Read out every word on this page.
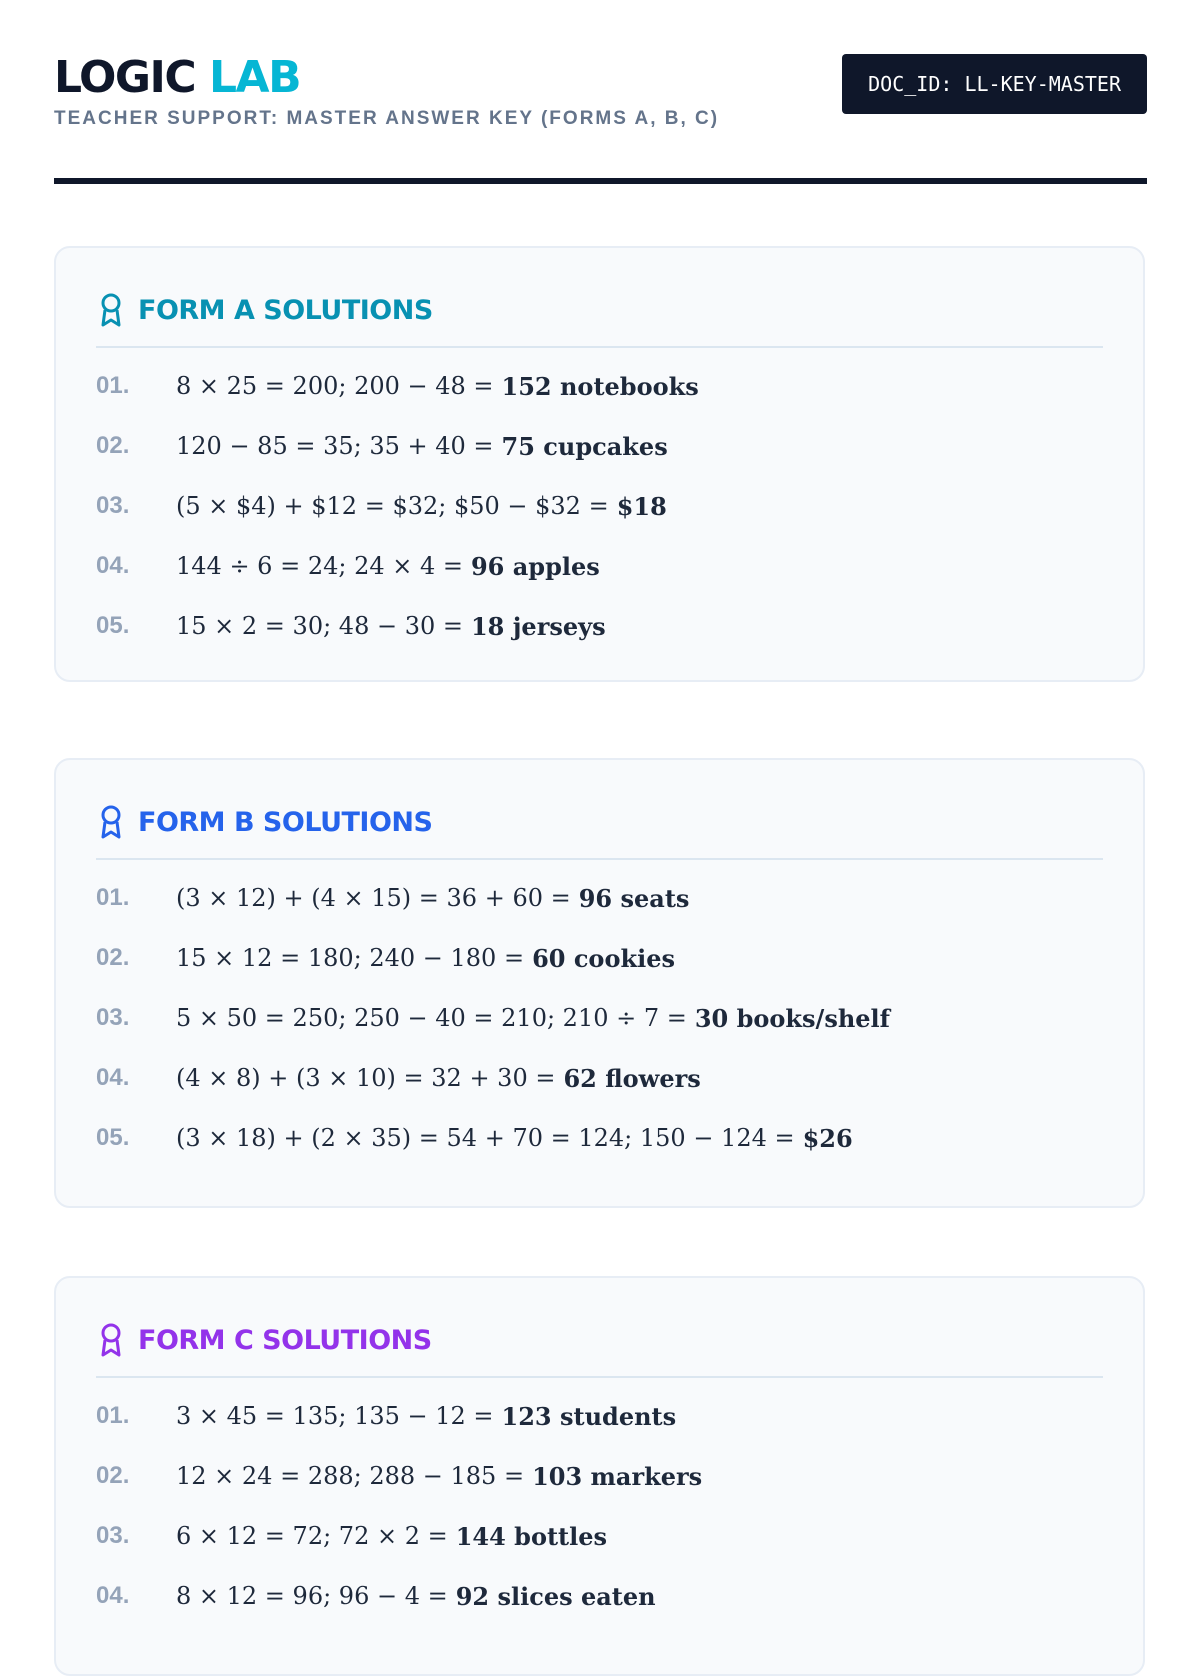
LOGIC LAB
TEACHER SUPPORT: MASTER ANSWER KEY (FORMS A, B, C)
DOC_ID: LL-KEY-MASTER
FORM A SOLUTIONS
01.	8 × 25 = 200; 200 − 48 = 152 notebooks
02.	120 − 85 = 35; 35 + 40 = 75 cupcakes
03.	(5 × $4) + $12 = $32; $50 − $32 = $18
04.	144 ÷ 6 = 24; 24 × 4 = 96 apples
05.	15 × 2 = 30; 48 − 30 = 18 jerseys
FORM B SOLUTIONS
01.	(3 × 12) + (4 × 15) = 36 + 60 = 96 seats
02.	15 × 12 = 180; 240 − 180 = 60 cookies
03.	5 × 50 = 250; 250 − 40 = 210; 210 ÷ 7 = 30 books/shelf
04.	(4 × 8) + (3 × 10) = 32 + 30 = 62 flowers
05.	(3 × 18) + (2 × 35) = 54 + 70 = 124; 150 − 124 = $26
FORM C SOLUTIONS
01.	3 × 45 = 135; 135 − 12 = 123 students
02.	12 × 24 = 288; 288 − 185 = 103 markers
03.	6 × 12 = 72; 72 × 2 = 144 bottles
04.	8 × 12 = 96; 96 − 4 = 92 slices eaten
